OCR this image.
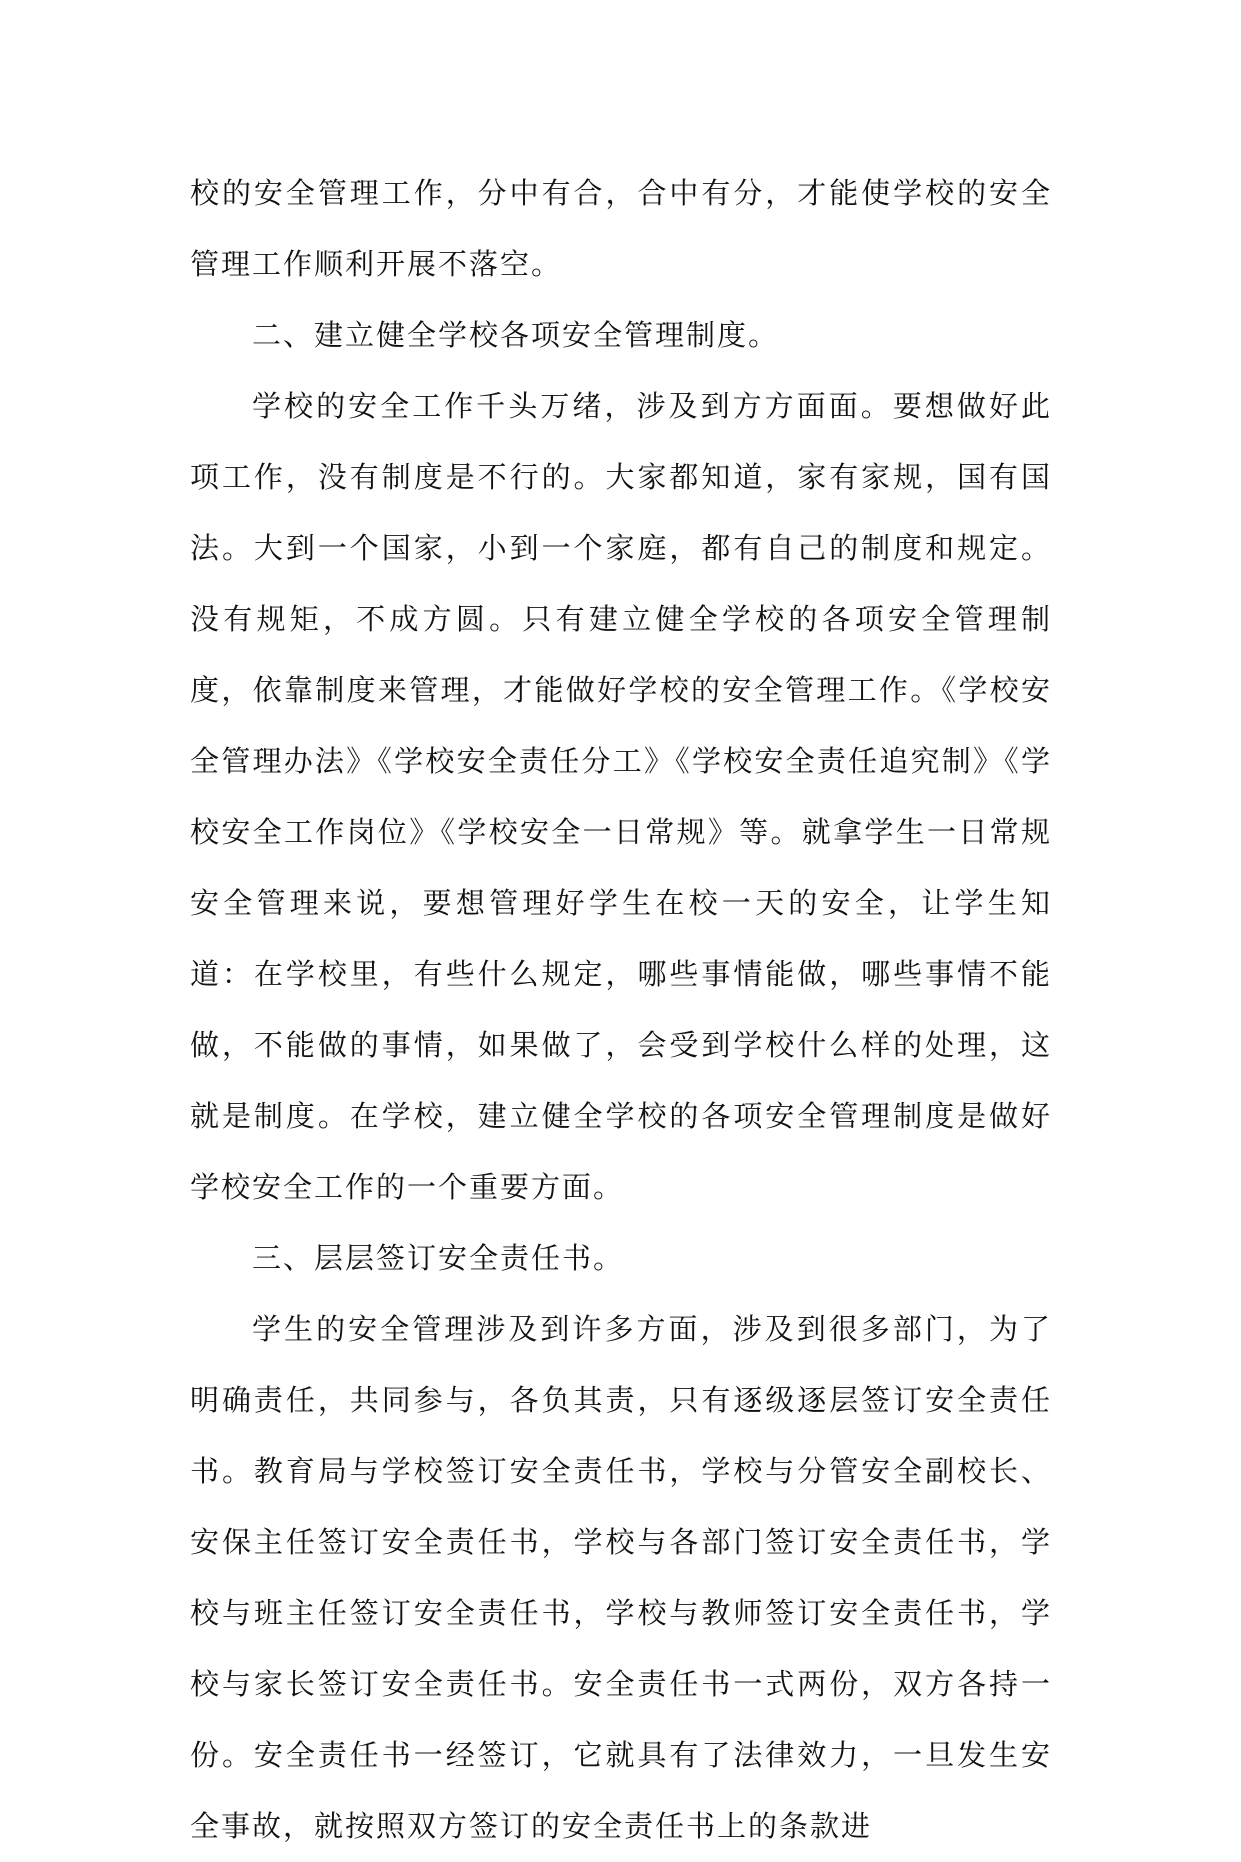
校的安全管理工作，分中有合，合中有分，才能使学校的安全管理工作顺利开展不落空。

二、建立健全学校各项安全管理制度。

学校的安全工作千头万绪，涉及到方方面面。要想做好此项工作，没有制度是不行的。大家都知道，家有家规，国有国法。大到一个国家，小到一个家庭，都有自己的制度和规定。没有规矩，不成方圆。只有建立健全学校的各项安全管理制度，依靠制度来管理，才能做好学校的安全管理工作。《学校安全管理办法》《学校安全责任分工》《学校安全责任追究制》《学校安全工作岗位》《学校安全一日常规》等。就拿学生一日常规安全管理来说，要想管理好学生在校一天的安全，让学生知道：在学校里，有些什么规定，哪些事情能做，哪些事情不能做，不能做的事情，如果做了，会受到学校什么样的处理，这就是制度。在学校，建立健全学校的各项安全管理制度是做好学校安全工作的一个重要方面。

三、层层签订安全责任书。

学生的安全管理涉及到许多方面，涉及到很多部门，为了明确责任，共同参与，各负其责，只有逐级逐层签订安全责任书。教育局与学校签订安全责任书，学校与分管安全副校长、安保主任签订安全责任书，学校与各部门签订安全责任书，学校与班主任签订安全责任书，学校与教师签订安全责任书，学校与家长签订安全责任书。安全责任书一式两份，双方各持一份。安全责任书一经签订，它就具有了法律效力，一旦发生安全事故，就按照双方签订的安全责任书上的条款进
